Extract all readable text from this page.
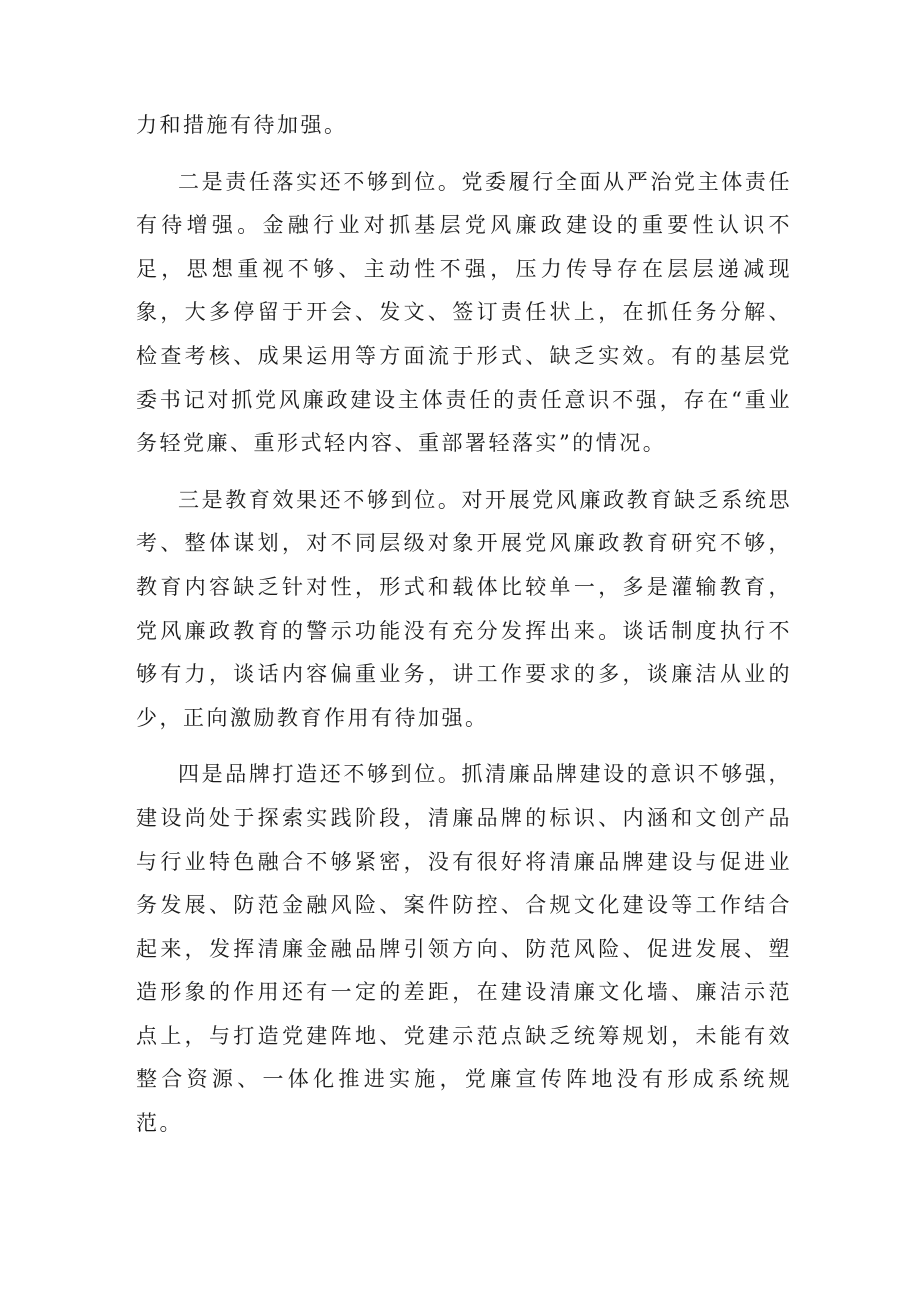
力和措施有待加强。

二是责任落实还不够到位。党委履行全面从严治党主体责任有待增强。金融行业对抓基层党风廉政建设的重要性认识不足，思想重视不够、主动性不强，压力传导存在层层递减现象，大多停留于开会、发文、签订责任状上，在抓任务分解、检查考核、成果运用等方面流于形式、缺乏实效。有的基层党委书记对抓党风廉政建设主体责任的责任意识不强，存在“重业务轻党廉、重形式轻内容、重部署轻落实”的情况。

三是教育效果还不够到位。对开展党风廉政教育缺乏系统思考、整体谋划，对不同层级对象开展党风廉政教育研究不够，教育内容缺乏针对性，形式和载体比较单一，多是灌输教育，党风廉政教育的警示功能没有充分发挥出来。谈话制度执行不够有力，谈话内容偏重业务，讲工作要求的多，谈廉洁从业的少，正向激励教育作用有待加强。

四是品牌打造还不够到位。抓清廉品牌建设的意识不够强，建设尚处于探索实践阶段，清廉品牌的标识、内涵和文创产品与行业特色融合不够紧密，没有很好将清廉品牌建设与促进业务发展、防范金融风险、案件防控、合规文化建设等工作结合起来，发挥清廉金融品牌引领方向、防范风险、促进发展、塑造形象的作用还有一定的差距，在建设清廉文化墙、廉洁示范点上，与打造党建阵地、党建示范点缺乏统筹规划，未能有效整合资源、一体化推进实施，党廉宣传阵地没有形成系统规范。
